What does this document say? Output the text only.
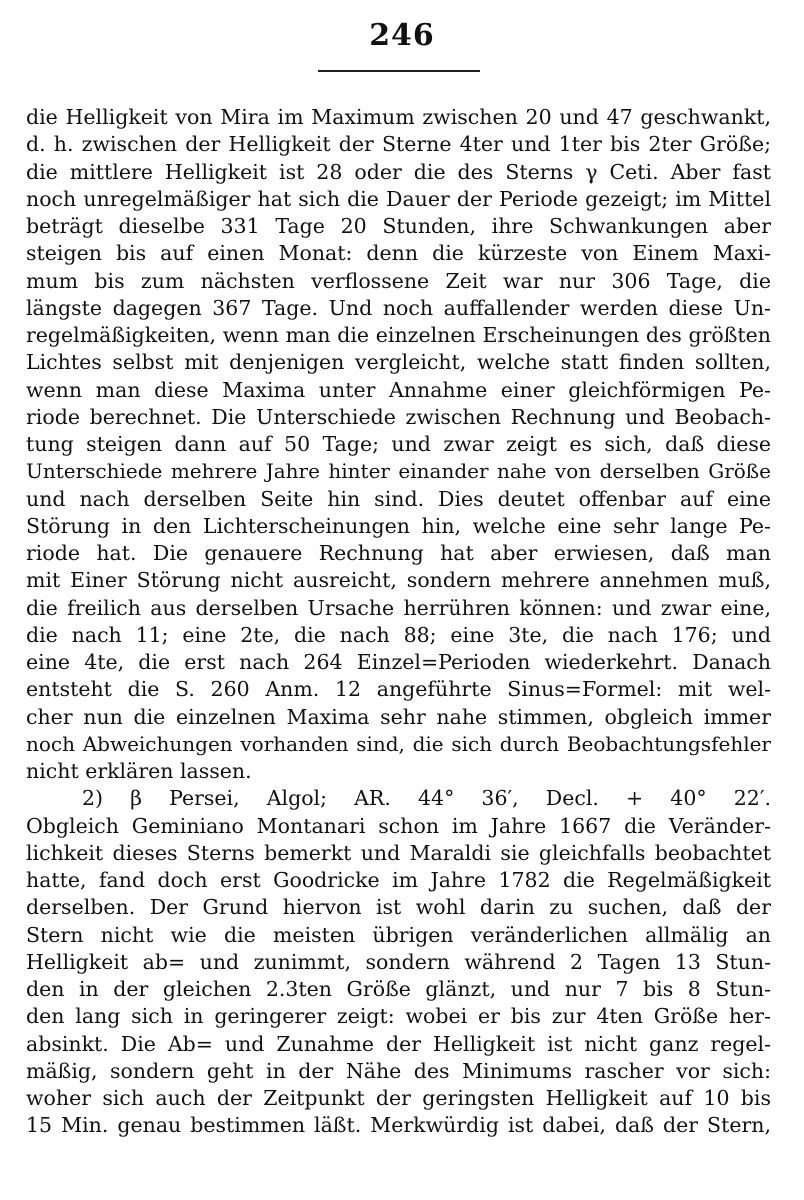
246
die Helligkeit von Mira im Maximum zwischen 20 und 47 geschwankt,
d. h. zwischen der Helligkeit der Sterne 4ter und 1ter bis 2ter Größe;
die mittlere Helligkeit ist 28 oder die des Sterns γ Ceti. Aber fast
noch unregelmäßiger hat sich die Dauer der Periode gezeigt; im Mittel
beträgt dieselbe 331 Tage 20 Stunden, ihre Schwankungen aber
steigen bis auf einen Monat: denn die kürzeste von Einem Maxi-
mum bis zum nächsten verflossene Zeit war nur 306 Tage, die
längste dagegen 367 Tage. Und noch auffallender werden diese Un-
regelmäßigkeiten, wenn man die einzelnen Erscheinungen des größten
Lichtes selbst mit denjenigen vergleicht, welche statt finden sollten,
wenn man diese Maxima unter Annahme einer gleichförmigen Pe-
riode berechnet. Die Unterschiede zwischen Rechnung und Beobach-
tung steigen dann auf 50 Tage; und zwar zeigt es sich, daß diese
Unterschiede mehrere Jahre hinter einander nahe von derselben Größe
und nach derselben Seite hin sind. Dies deutet offenbar auf eine
Störung in den Lichterscheinungen hin, welche eine sehr lange Pe-
riode hat. Die genauere Rechnung hat aber erwiesen, daß man
mit Einer Störung nicht ausreicht, sondern mehrere annehmen muß,
die freilich aus derselben Ursache herrühren können: und zwar eine,
die nach 11; eine 2te, die nach 88; eine 3te, die nach 176; und
eine 4te, die erst nach 264 Einzel=Perioden wiederkehrt. Danach
entsteht die S. 260 Anm. 12 angeführte Sinus=Formel: mit wel-
cher nun die einzelnen Maxima sehr nahe stimmen, obgleich immer
noch Abweichungen vorhanden sind, die sich durch Beobachtungsfehler
nicht erklären lassen.
2) β Persei, Algol; AR. 44° 36′, Decl. + 40° 22′.
Obgleich Geminiano Montanari schon im Jahre 1667 die Veränder-
lichkeit dieses Sterns bemerkt und Maraldi sie gleichfalls beobachtet
hatte, fand doch erst Goodricke im Jahre 1782 die Regelmäßigkeit
derselben. Der Grund hiervon ist wohl darin zu suchen, daß der
Stern nicht wie die meisten übrigen veränderlichen allmälig an
Helligkeit ab= und zunimmt, sondern während 2 Tagen 13 Stun-
den in der gleichen 2.3ten Größe glänzt, und nur 7 bis 8 Stun-
den lang sich in geringerer zeigt: wobei er bis zur 4ten Größe her-
absinkt. Die Ab= und Zunahme der Helligkeit ist nicht ganz regel-
mäßig, sondern geht in der Nähe des Minimums rascher vor sich:
woher sich auch der Zeitpunkt der geringsten Helligkeit auf 10 bis
15 Min. genau bestimmen läßt. Merkwürdig ist dabei, daß der Stern,
